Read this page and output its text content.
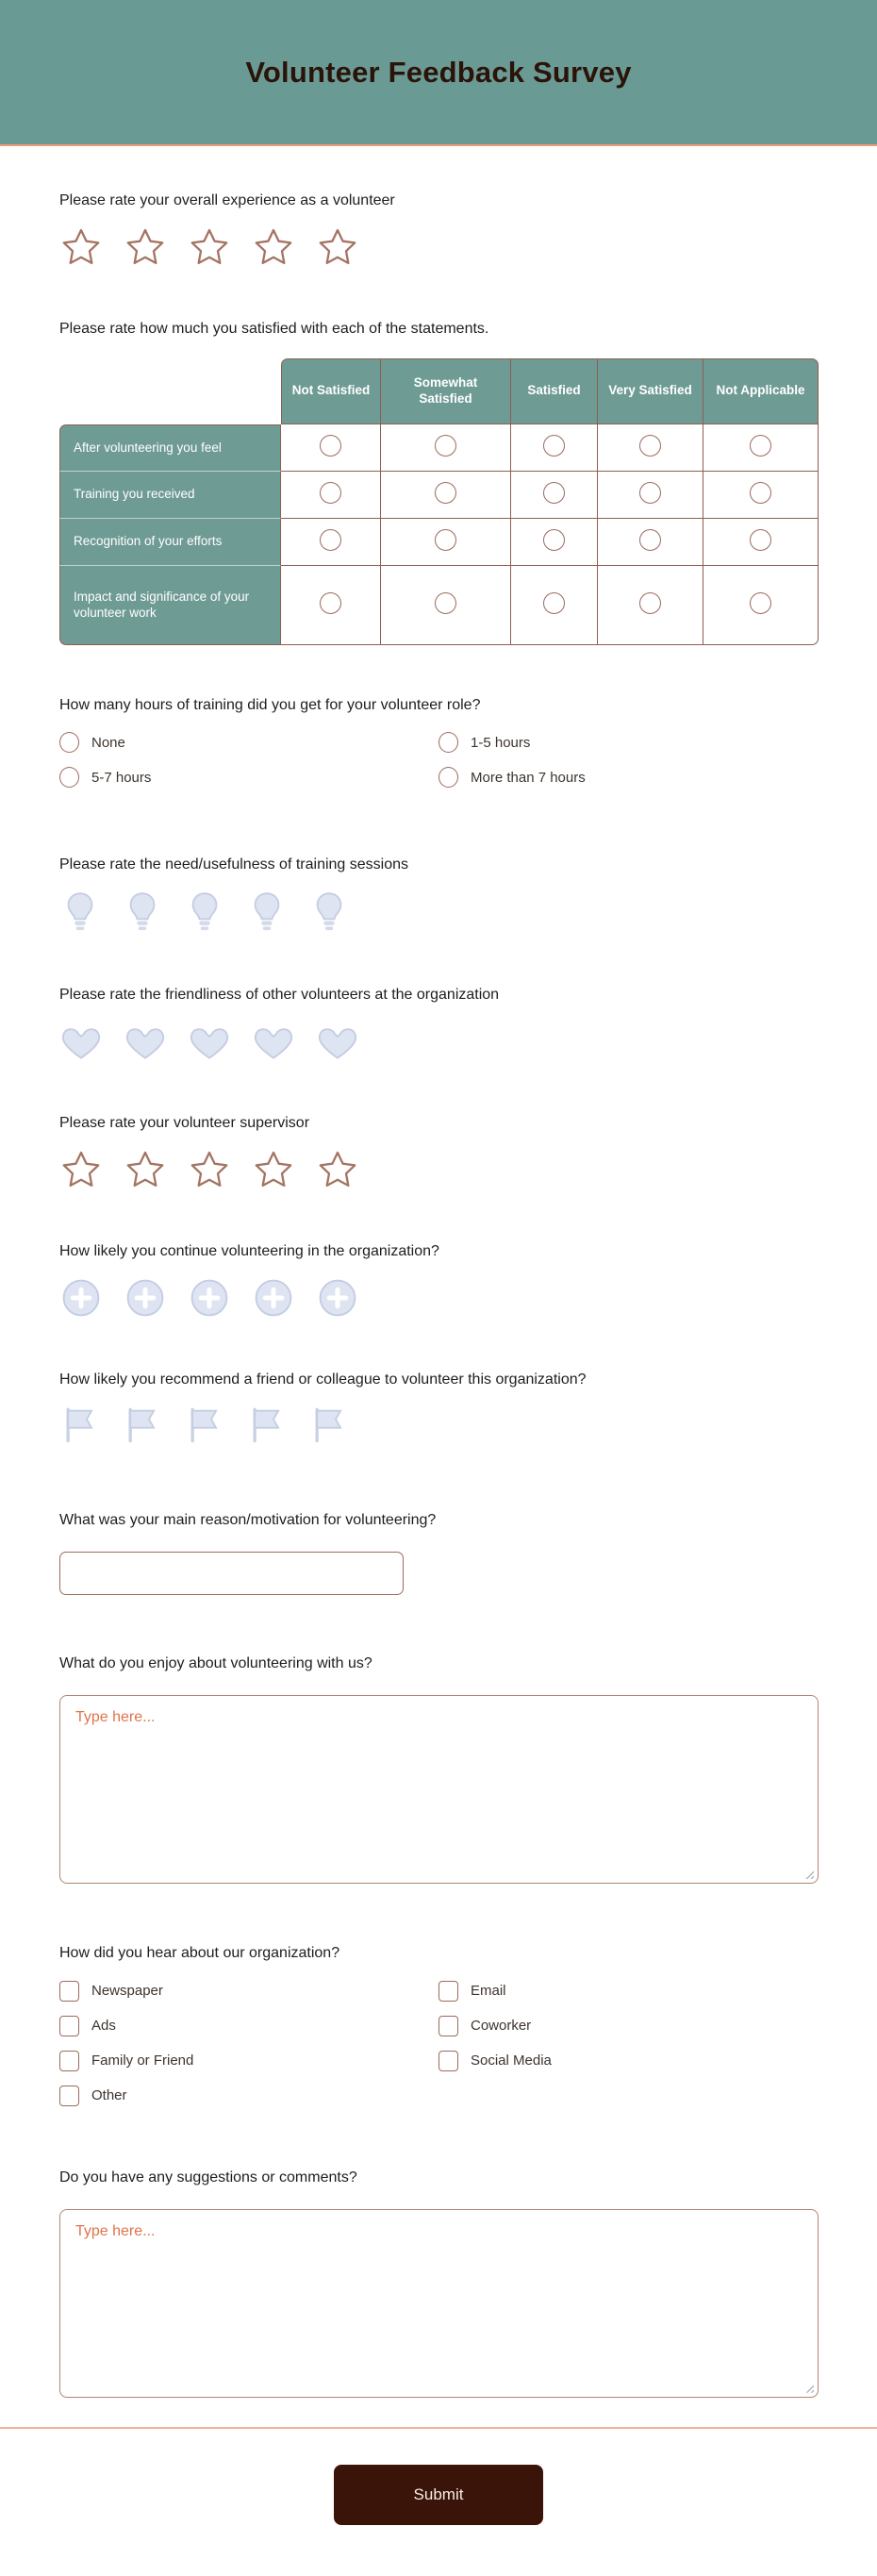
Volunteer Feedback Survey
Please rate your overall experience as a volunteer
Please rate how much you satisfied with each of the statements.
	Not Satisfied	Somewhat Satisfied	Satisfied	Very Satisfied	Not Applicable
After volunteering you feel					
Training you received					
Recognition of your efforts					
Impact and significance of your volunteer work					
How many hours of training did you get for your volunteer role?
None	1-5 hours
5-7 hours	More than 7 hours
Please rate the need/usefulness of training sessions
Please rate the friendliness of other volunteers at the organization
Please rate your volunteer supervisor
How likely you continue volunteering in the organization?
How likely you recommend a friend or colleague to volunteer this organization?
What was your main reason/motivation for volunteering?
What do you enjoy about volunteering with us?
Type here...
How did you hear about our organization?
Newspaper	Email
Ads	Coworker
Family or Friend	Social Media
Other
Do you have any suggestions or comments?
Type here...
Submit
